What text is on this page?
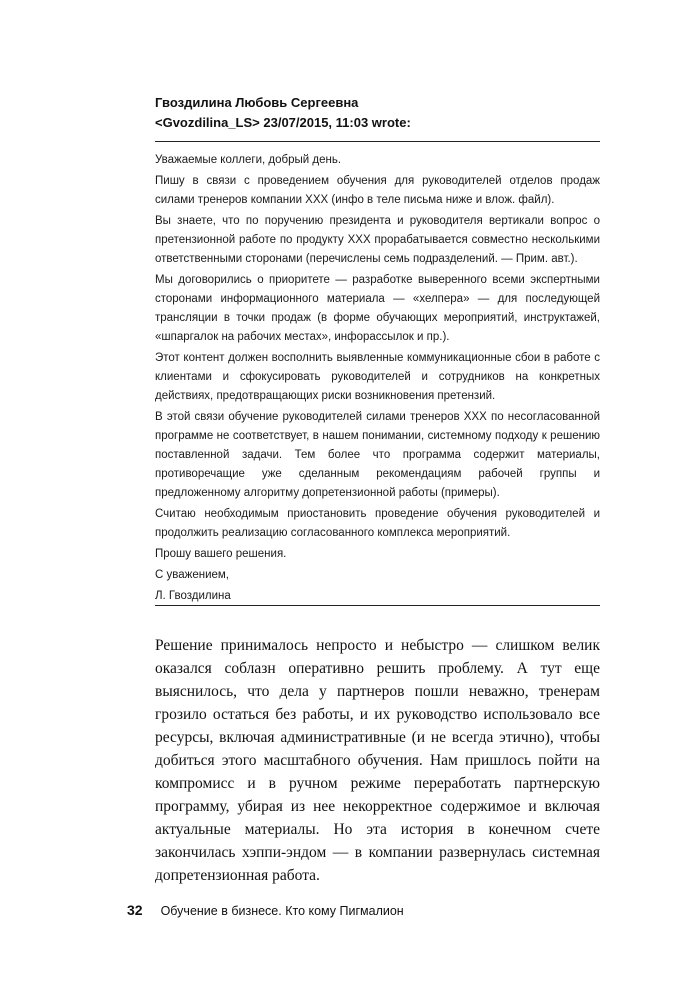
Гвоздилина Любовь Сергеевна
<Gvozdilina_LS> 23/07/2015, 11:03 wrote:

Уважаемые коллеги, добрый день.

Пишу в связи с проведением обучения для руководителей отделов продаж силами тренеров компании XXX (инфо в теле письма ниже и влож. файл).

Вы знаете, что по поручению президента и руководителя вертикали вопрос о претензионной работе по продукту XXX прорабатывается совместно несколькими ответственными сторонами (перечислены семь подразделений. — Прим. авт.).

Мы договорились о приоритете — разработке выверенного всеми экспертными сторонами информационного материала — «хелпера» — для последующей трансляции в точки продаж (в форме обучающих мероприятий, инструктажей, «шпаргалок на рабочих местах», инфорассылок и пр.).

Этот контент должен восполнить выявленные коммуникационные сбои в работе с клиентами и сфокусировать руководителей и сотрудников на конкретных действиях, предотвращающих риски возникновения претензий.

В этой связи обучение руководителей силами тренеров XXX по несогласованной программе не соответствует, в нашем понимании, системному подходу к решению поставленной задачи. Тем более что программа содержит материалы, противоречащие уже сделанным рекомендациям рабочей группы и предложенному алгоритму допретензионной работы (примеры).

Считаю необходимым приостановить проведение обучения руководителей и продолжить реализацию согласованного комплекса мероприятий.

Прошу вашего решения.

С уважением,

Л. Гвоздилина

Решение принималось непросто и небыстро — слишком велик оказался соблазн оперативно решить проблему. А тут еще выяснилось, что дела у партнеров пошли неважно, тренерам грозило остаться без работы, и их руководство использовало все ресурсы, включая административные (и не всегда этично), чтобы добиться этого масштабного обучения. Нам пришлось пойти на компромисс и в ручном режиме переработать партнерскую программу, убирая из нее некорректное содержимое и включая актуальные материалы. Но эта история в конечном счете закончилась хэппи-эндом — в компании развернулась системная допретензионная работа.

32 Обучение в бизнесе. Кто кому Пигмалион
